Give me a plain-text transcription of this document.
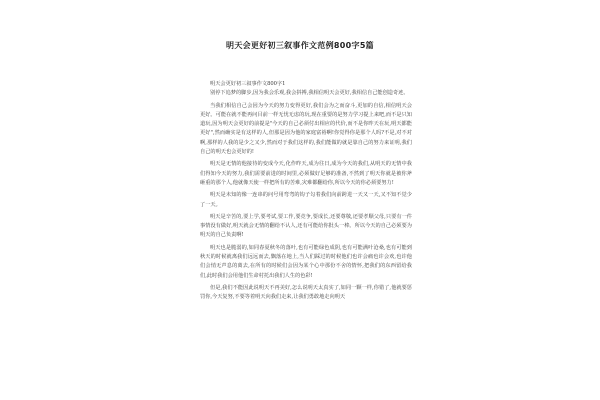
明天会更好初三叙事作文范例800字5篇

明天会更好初三叙事作文800字1

别停下追梦的脚步,因为我会乐观,我会拼搏,我相信明天会更好,我相信自己能创造奇迹。

当我们相信自己会因为今天的努力变得更好,我们会为之而奋斗,更加的自信,相信明天会更好。可能在就不能再问目前一样无忧无虑的玩,现在重要的是努力学习提上来吧,而不是只知道玩,因为明天会更好的前提是"今天的自己必须付出相应的代价,而不是你昨天在玩,明天都能更好",然而确实是有这样的人,但那是因为他的家庭富裕啊!你觉得你是那个人吗?不是,对不对啊,那样的人我的是少之又少,然而对于我们这样的,我们能做的就是靠自己的努力来证明,我们自己的明天也会更好的!

明天是无情的他接待的变成今天,化作昨天,成为往日,成为今天的我们,从明天的无情中我们得知今天的努力,我们需要前进的时间里,必须做好足够的准备,不然到了明天你就是被你斧砸重的那个人,他就像天使一样把所有的苦难,灾难都翻给你,所以今天的你必须要努力!

明天是未知的像一连串的问号用弯弯的钩子勾着我们向前跨进一天又一天,又不知不觉少了一天。

明天是辛苦的,要上学,要考试,要工作,要竞争,要成长,还要尊敬,还要孝顺父母,只要有一件事情没有做好,明天就会无情的翻给不认人,还有可能给你批头一棒。所以今天的自己必须要为明天的自己负责啊!

明天也是脆弱的,如同春夏秋冬的落叶,也有可能绿色成阴,也有可能满叶沧桑,也有可能到秋天的时候就离我们远远而去,飘落在地上,当人们踩过的时候他们也许会痛也许会欢,也许他们会悄无声息的离去,在所有的时候们会因为某个心中那份不舍的情怀,把我们的东西留给我们,此时我们会用他们生命村托出我们人生的色彩!

但是,我们不能因此说明天不再美好,怎么说明天太真实了,如同一颗一样,你错了,他就要惩罚你,今天复努,不要等着明天向我们走来,让我们勇敢地走向明天
